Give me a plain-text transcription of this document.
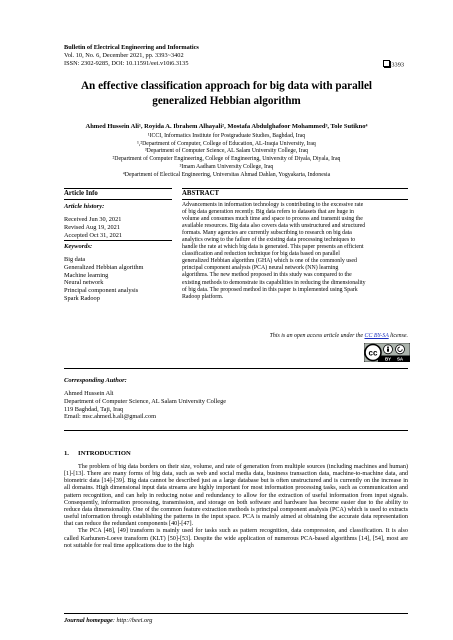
Bulletin of Electrical Engineering and Informatics
Vol. 10, No. 6, December 2021, pp. 3393~3402
ISSN: 2302-9285, DOI: 10.11591/eei.v10i6.3135	3393
An effective classification approach for big data with parallel
generalized Hebbian algorithm
Ahmed Hussein Ali¹, Royida A. Ibrahem Alhayali², Mostafa Abdulghafoor Mohammed³, Tole Sutikno⁴
¹ICCI, Informatics Institute for Postgraduate Studies, Baghdad, Iraq
¹,²Department of Computer, College of Education, AL-Iraqia University, Iraq
³Department of Computer Science, AL Salam University College, Iraq
²Department of Computer Engineering, College of Engineering, University of Diyala, Diyala, Iraq
³Imam Aadham University College, Iraq
⁴Department of Electical Engineering, Universitas Ahmad Dahlan, Yogyakarta, Indonesia
Article Info	ABSTRACT
Article history:
Received Jun 30, 2021
Revised Aug 19, 2021
Accepted Oct 31, 2021
Keywords:
Big data
Generalized Hebbian algorithm
Machine learning
Neural network
Principal component analysis
Spark Radoop
Advancements in information technology is contributing to the excessive rate
of big data generation recently. Big data refers to datasets that are huge in
volume and consumes much time and space to process and transmit using the
available resources. Big data also covers data with unstructured and structured
formats. Many agencies are currently subscribing to research on big data
analytics owing to the failure of the existing data processing techniques to
handle the rate at which big data is generated. This paper presents an efficient
classification and reduction technique for big data based on parallel
generalized Hebbian algorithm (GHA) which is one of the commonly used
principal component analysis (PCA) neural network (NN) learning
algorithms. The new method proposed in this study was compared to the
existing methods to demonstrate its capabilities in reducing the dimensionality
of big data. The proposed method in this paper is implemented using Spark
Radoop platform.
This is an open access article under the CC BY-SA license.
cc
BY SA
Corresponding Author:
Ahmed Hussein Ali
Department of Computer Science, AL Salam University College
119 Baghdad, Taji, Iraq
Email: msc.ahmed.h.ali@gmail.com
1. INTRODUCTION

The problem of big data borders on their size, volume, and rate of generation from multiple sources (including machines and human) [1]-[13]. There are many forms of big data, such as web and social media data, business transaction data, machine-to-machine data, and biometric data [14]-[39]. Big data cannot be described just as a large database but is often unstructured and is currently on the increase in all domains. High dimensional input data streams are highly important for most information processing tasks, such as communication and pattern recognition, and can help in reducing noise and redundancy to allow for the extraction of useful information from input signals. Consequently, information processing, transmission, and storage on both software and hardware has become easier due to the ability to reduce data dimensionality. One of the common feature extraction methods is principal component analysis (PCA) which is used to extracts useful information through establishing the patterns in the input space. PCA is mainly aimed at obtaining the accurate data representation that can reduce the redundant components [40]-[47].

The PCA [48], [49] transform is mainly used for tasks such as pattern recognition, data compression, and classification. It is also called Karhunen-Loeve transform (KLT) [50]-[53]. Despite the wide application of numerous PCA-based algorithms [14], [54], most are not suitable for real time applications due to the high

Journal homepage: http://beei.org
